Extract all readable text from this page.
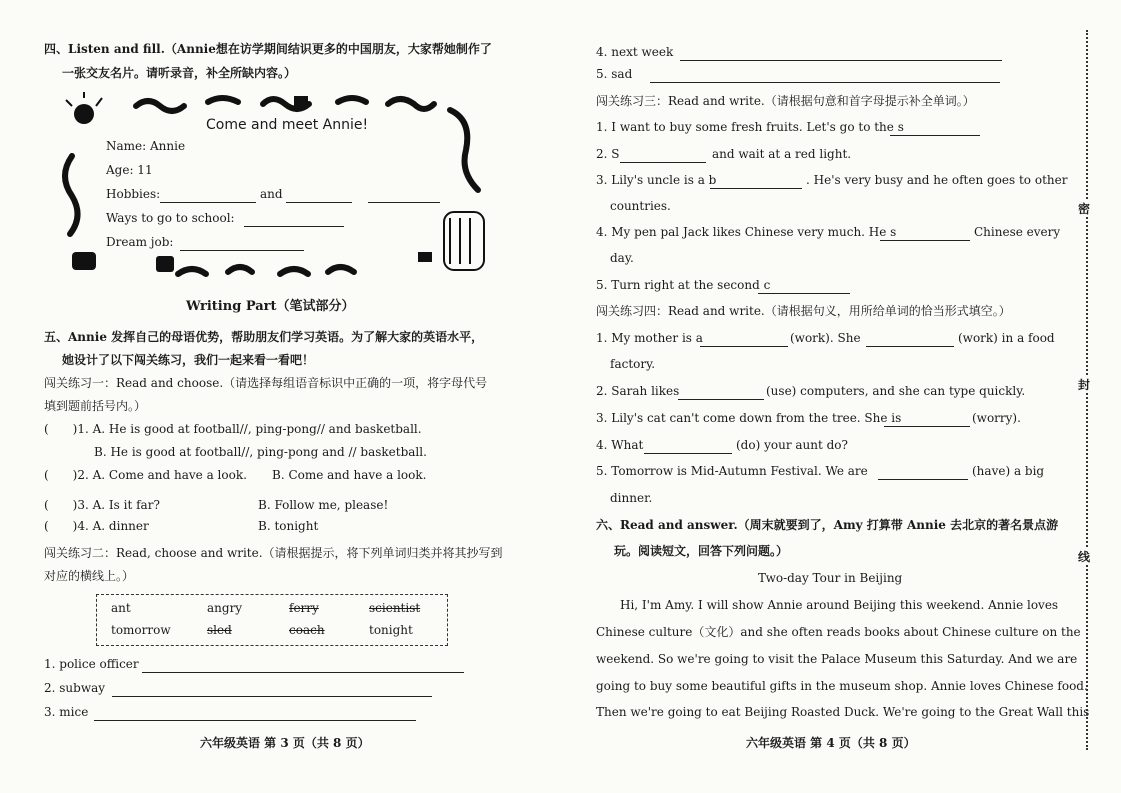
四、Listen and fill.（Annie想在访学期间结识更多的中国朋友，大家帮她制作了
一张交友名片。请听录音，补全所缺内容。）
Come and meet Annie!
Name: Annie
Age: 11
Hobbies:	and
Ways to go to school:
Dream job:
Writing Part（笔试部分）
五、Annie 发挥自己的母语优势，帮助朋友们学习英语。为了解大家的英语水平，
她设计了以下闯关练习，我们一起来看一看吧！
闯关练习一：Read and choose.（请选择每组语音标识中正确的一项，将字母代号
填到题前括号内。）
(　　)1. A. He is good at football//, ping-pong// and basketball.
B. He is good at football//, ping-pong and // basketball.
(　　)2. A. Come and have a look. B. Come and have a look.
(　　)3. A. Is it far?	B. Follow me, please!
(　　)4. A. dinner	B. tonight
闯关练习二：Read, choose and write.（请根据提示，将下列单词归类并将其抄写到
对应的横线上。）
ant	angry	ferry	scientist
tomorrow	sled	coach	tonight
1. police officer
2. subway
3. mice
六年级英语 第 3 页（共 8 页）
4. next week
5. sad
闯关练习三：Read and write.（请根据句意和首字母提示补全单词。）
1. I want to buy some fresh fruits. Let's go to the s
2. S	and wait at a red light.
3. Lily's uncle is a b	. He's very busy and he often goes to other
countries.
4. My pen pal Jack likes Chinese very much. He s	Chinese every
day.
5. Turn right at the second c
闯关练习四：Read and write.（请根据句义，用所给单词的恰当形式填空。）
1. My mother is a	(work). She	(work) in a food
factory.
2. Sarah likes	(use) computers, and she can type quickly.
3. Lily's cat can't come down from the tree. She is	(worry).
4. What	(do) your aunt do?
5. Tomorrow is Mid-Autumn Festival. We are	(have) a big
dinner.
六、Read and answer.（周末就要到了，Amy 打算带 Annie 去北京的著名景点游
玩。阅读短文，回答下列问题。）
Two-day Tour in Beijing
Hi, I'm Amy. I will show Annie around Beijing this weekend. Annie loves
Chinese culture（文化）and she often reads books about Chinese culture on the
weekend. So we're going to visit the Palace Museum this Saturday. And we are
going to buy some beautiful gifts in the museum shop. Annie loves Chinese food.
Then we're going to eat Beijing Roasted Duck. We're going to the Great Wall this
六年级英语 第 4 页（共 8 页）
密
封
线
